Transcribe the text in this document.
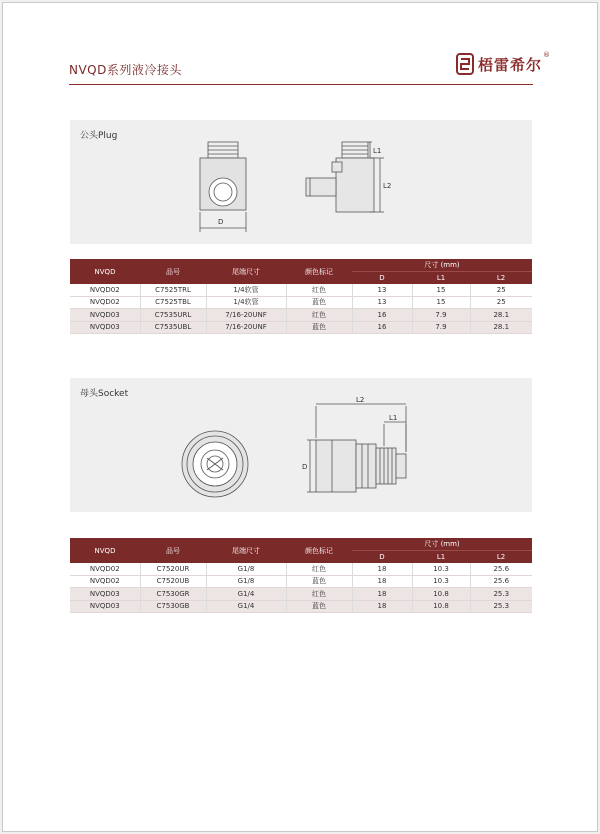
NVQD系列液冷接头	梧雷希尔
®
公头Plug
D
L1
L2
NVQD	品号	尾端尺寸	颜色标记	尺寸 (mm)		
				D	L1	L2
NVQD02	C7525TRL	1/4软管	红色	13	15	25
NVQD02	C7525TBL	1/4软管	蓝色	13	15	25
NVQD03	C7535URL	7/16-20UNF	红色	16	7.9	28.1
NVQD03	C7535UBL	7/16-20UNF	蓝色	16	7.9	28.1
母头Socket
L2
L1
D
NVQD	品号	尾端尺寸	颜色标记	尺寸 (mm)		
				D	L1	L2
NVQD02	C7520UR	G1/8	红色	18	10.3	25.6
NVQD02	C7520UB	G1/8	蓝色	18	10.3	25.6
NVQD03	C7530GR	G1/4	红色	18	10.8	25.3
NVQD03	C7530GB	G1/4	蓝色	18	10.8	25.3
